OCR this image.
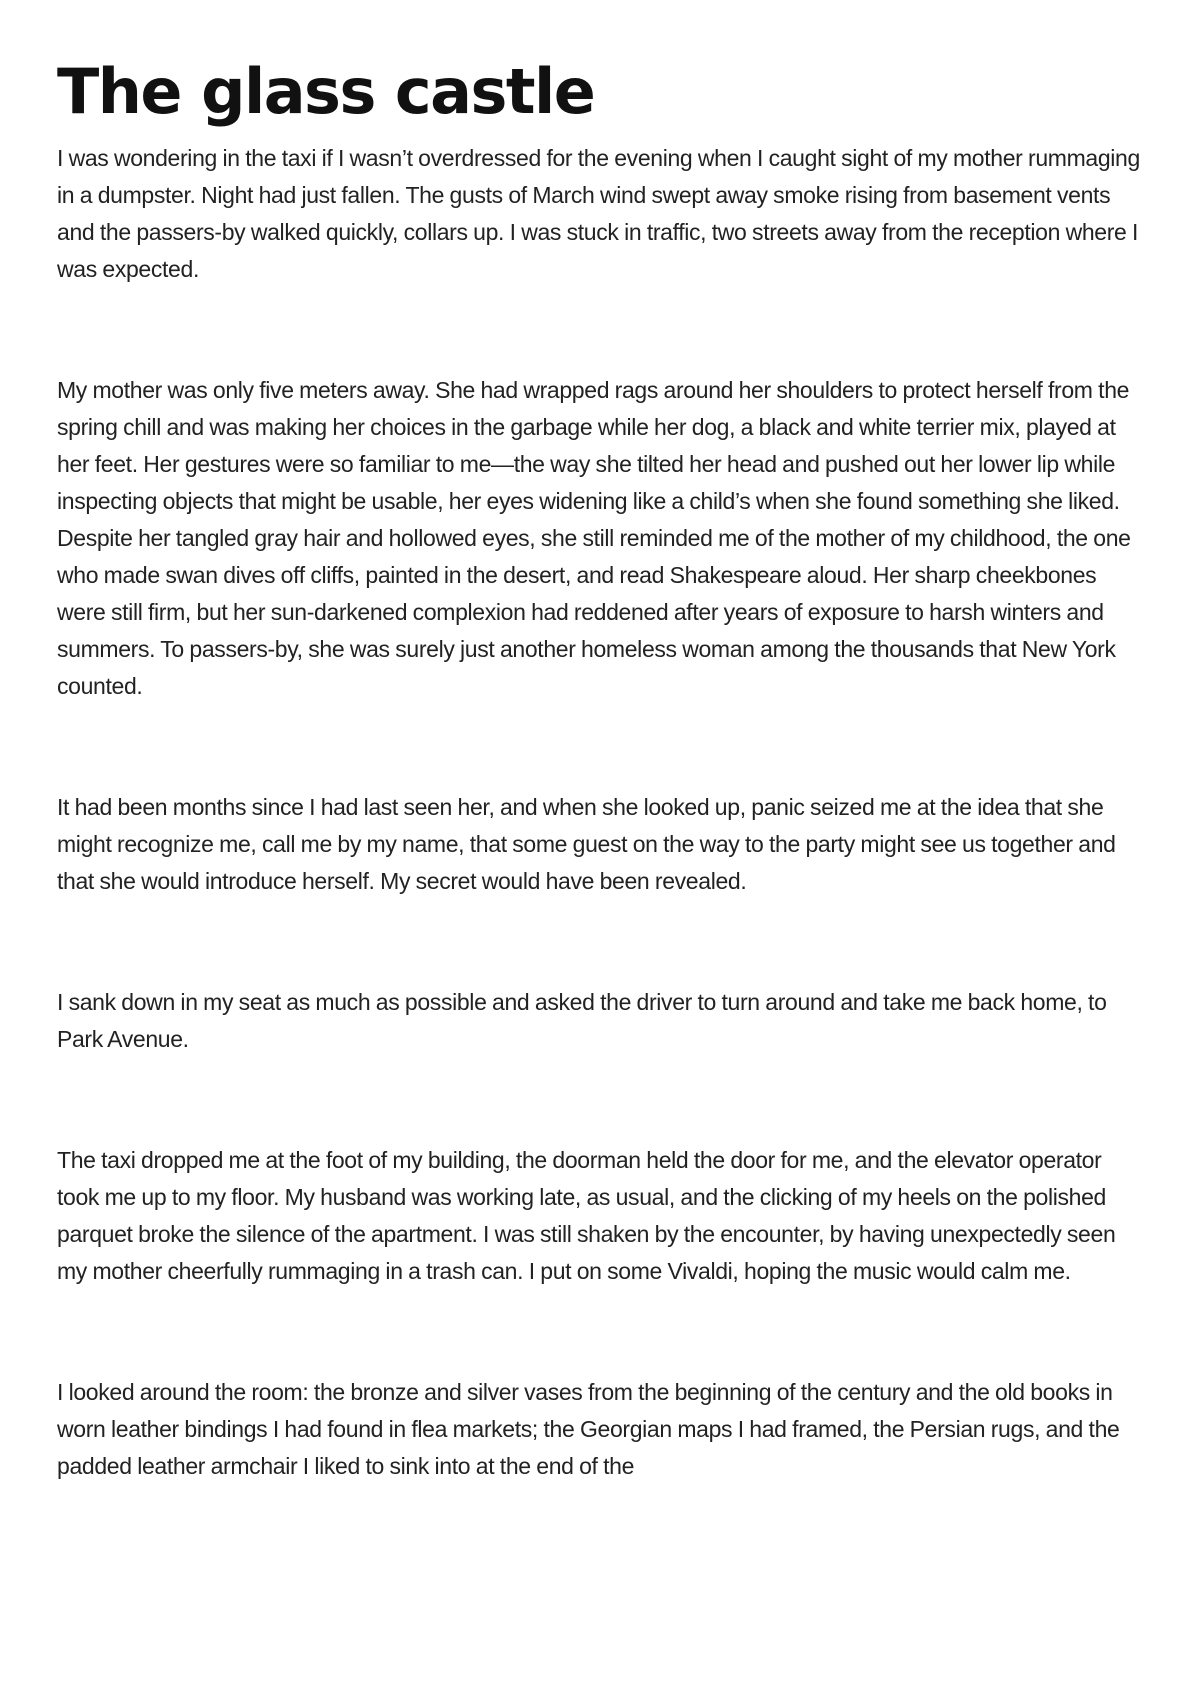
The glass castle

I was wondering in the taxi if I wasn’t overdressed for the evening when I caught sight of my mother rummaging in a dumpster. Night had just fallen. The gusts of March wind swept away smoke rising from basement vents and the passers-by walked quickly, collars up. I was stuck in traffic, two streets away from the reception where I was expected.

My mother was only five meters away. She had wrapped rags around her shoulders to protect herself from the spring chill and was making her choices in the garbage while her dog, a black and white terrier mix, played at her feet. Her gestures were so familiar to me—the way she tilted her head and pushed out her lower lip while inspecting objects that might be usable, her eyes widening like a child’s when she found something she liked. Despite her tangled gray hair and hollowed eyes, she still reminded me of the mother of my childhood, the one who made swan dives off cliffs, painted in the desert, and read Shakespeare aloud. Her sharp cheekbones were still firm, but her sun-darkened complexion had reddened after years of exposure to harsh winters and summers. To passers-by, she was surely just another homeless woman among the thousands that New York counted.

It had been months since I had last seen her, and when she looked up, panic seized me at the idea that she might recognize me, call me by my name, that some guest on the way to the party might see us together and that she would introduce herself. My secret would have been revealed.

I sank down in my seat as much as possible and asked the driver to turn around and take me back home, to Park Avenue.

The taxi dropped me at the foot of my building, the doorman held the door for me, and the elevator operator took me up to my floor. My husband was working late, as usual, and the clicking of my heels on the polished parquet broke the silence of the apartment. I was still shaken by the encounter, by having unexpectedly seen my mother cheerfully rummaging in a trash can. I put on some Vivaldi, hoping the music would calm me.

I looked around the room: the bronze and silver vases from the beginning of the century and the old books in worn leather bindings I had found in flea markets; the Georgian maps I had framed, the Persian rugs, and the padded leather armchair I liked to sink into at the end of the
